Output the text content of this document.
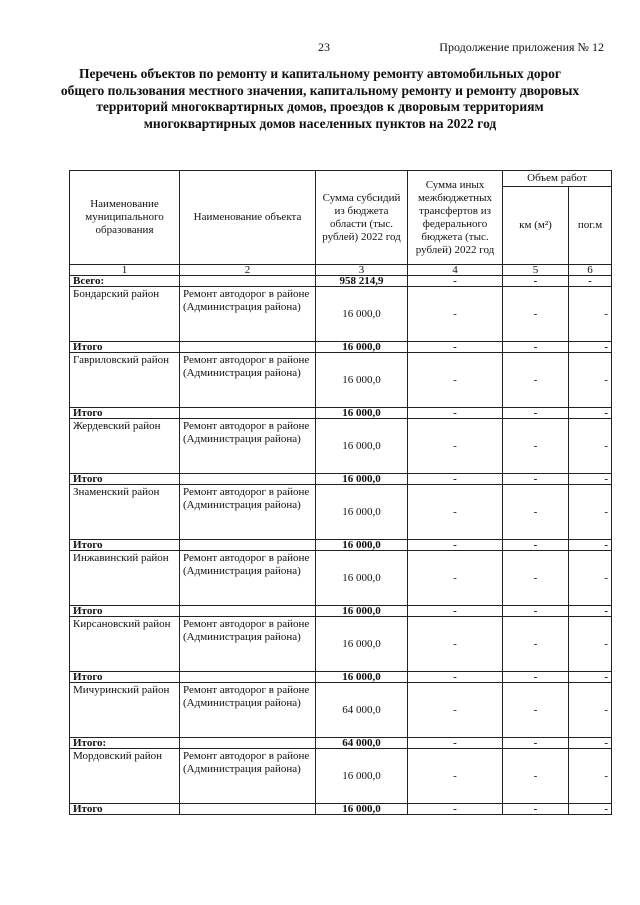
23	Продолжение приложения № 12
Перечень объектов по ремонту и капитальному ремонту автомобильных дорог общего пользования местного значения, капитальному ремонту и ремонту дворовых территорий многоквартирных домов, проездов к дворовым территориям многоквартирных домов населенных пунктов на 2022 год
Наименование муниципального образования	Наименование объекта	Сумма субсидий из бюджета области (тыс. рублей) 2022 год	Сумма иных межбюджетных трансфертов из федерального бюджета (тыс. рублей) 2022 год	Объем работ	
				км (м²)	пог.м
1	2	3	4	5	6
Всего:		958 214,9	-	-	-
Бондарский район	Ремонт автодорог в районе (Администрация района)	16 000,0	-	-	-
Итого		16 000,0	-	-	-
Гавриловский район	Ремонт автодорог в районе (Администрация района)	16 000,0	-	-	-
Итого		16 000,0	-	-	-
Жердевский район	Ремонт автодорог в районе (Администрация района)	16 000,0	-	-	-
Итого		16 000,0	-	-	-
Знаменский район	Ремонт автодорог в районе (Администрация района)	16 000,0	-	-	-
Итого		16 000,0	-	-	-
Инжавинский район	Ремонт автодорог в районе (Администрация района)	16 000,0	-	-	-
Итого		16 000,0	-	-	-
Кирсановский район	Ремонт автодорог в районе (Администрация района)	16 000,0	-	-	-
Итого		16 000,0	-	-	-
Мичуринский район	Ремонт автодорог в районе (Администрация района)	64 000,0	-	-	-
Итого:		64 000,0	-	-	-
Мордовский район	Ремонт автодорог в районе (Администрация района)	16 000,0	-	-	-
Итого		16 000,0	-	-	-
